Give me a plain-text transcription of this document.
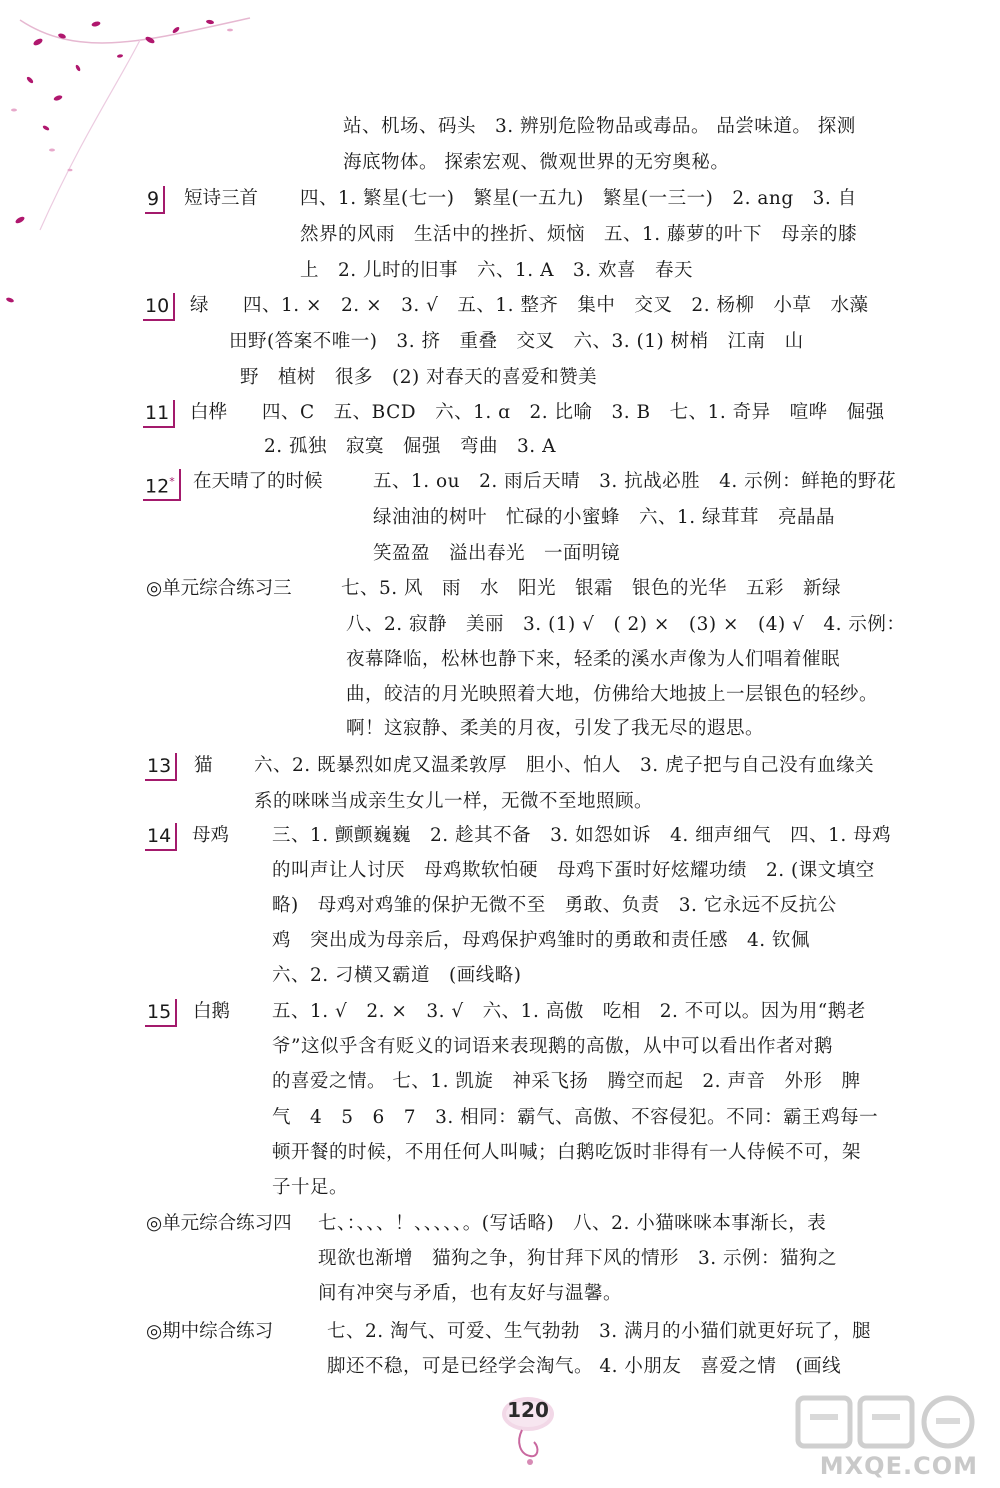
站、机场、码头　3. 辨别危险物品或毒品。 品尝味道。 探测
海底物体。 探索宏观、微观世界的无穷奥秘。
9	短诗三首 四、1. 繁星(七一)　繁星(一五九)　繁星(一三一)　2. ang　3. 自
然界的风雨　生活中的挫折、烦恼　五、1. 藤萝的叶下　母亲的膝
上　2. 儿时的旧事　六、1. A　3. 欢喜　春天
10	绿 四、1. ×　2. ×　3. √　五、1. 整齐　集中　交叉　2. 杨柳　小草　水藻
田野(答案不唯一)　3. 挤　重叠　交叉　六、3. (1) 树梢　江南　山
野　植树　很多　(2) 对春天的喜爱和赞美
11	白桦 四、C　五、BCD　六、1. ɑ　2. 比喻　3. B　七、1. 奇异　喧哗　倔强
2. 孤独　寂寞　倔强　弯曲　3. A
12* 在天晴了的时候	五、1. ou　2. 雨后天晴　3. 抗战必胜　4. 示例：鲜艳的野花
绿油油的树叶　忙碌的小蜜蜂　六、1. 绿茸茸　亮晶晶
笑盈盈　溢出春光　一面明镜
◎单元综合练习三	七、5. 风　雨　水　阳光　银霜　银色的光华　五彩　新绿
八、2. 寂静　美丽　3. (1) √　( 2) ×　(3) ×　(4) √　4. 示例：
夜幕降临，松林也静下来，轻柔的溪水声像为人们唱着催眠
曲，皎洁的月光映照着大地，仿佛给大地披上一层银色的轻纱。
啊！这寂静、柔美的月夜，引发了我无尽的遐思。
13	猫 六、2. 既暴烈如虎又温柔敦厚　胆小、怕人　3. 虎子把与自己没有血缘关
系的咪咪当成亲生女儿一样，无微不至地照顾。
14	母鸡 三、1. 颤颤巍巍　2. 趁其不备　3. 如怨如诉　4. 细声细气　四、1. 母鸡
的叫声让人讨厌　母鸡欺软怕硬　母鸡下蛋时好炫耀功绩　2. (课文填空
略)　母鸡对鸡雏的保护无微不至　勇敢、负责　3. 它永远不反抗公
鸡　突出成为母亲后，母鸡保护鸡雏时的勇敢和责任感　4. 钦佩
六、2. 刁横又霸道　(画线略)
15	白鹅 五、1. √　2. ×　3. √　六、1. 高傲　吃相　2. 不可以。因为用“鹅老
爷”这似乎含有贬义的词语来表现鹅的高傲，从中可以看出作者对鹅
的喜爱之情。 七、1. 凯旋　神采飞扬　腾空而起　2. 声音　外形　脾
气　4　5　6　7　3. 相同：霸气、高傲、不容侵犯。不同：霸王鸡每一
顿开餐的时候，不用任何人叫喊；白鹅吃饭时非得有一人侍候不可，架
子十足。
◎单元综合练习四 七、：、、、！、、、、、。(写话略)　八、2. 小猫咪咪本事渐长，表
现欲也渐增　猫狗之争，狗甘拜下风的情形　3. 示例：猫狗之
间有冲突与矛盾，也有友好与温馨。
◎期中综合练习	七、2. 淘气、可爱、生气勃勃　3. 满月的小猫们就更好玩了，腿
脚还不稳，可是已经学会淘气。 4. 小朋友　喜爱之情　(画线
120
MXQE.COM
